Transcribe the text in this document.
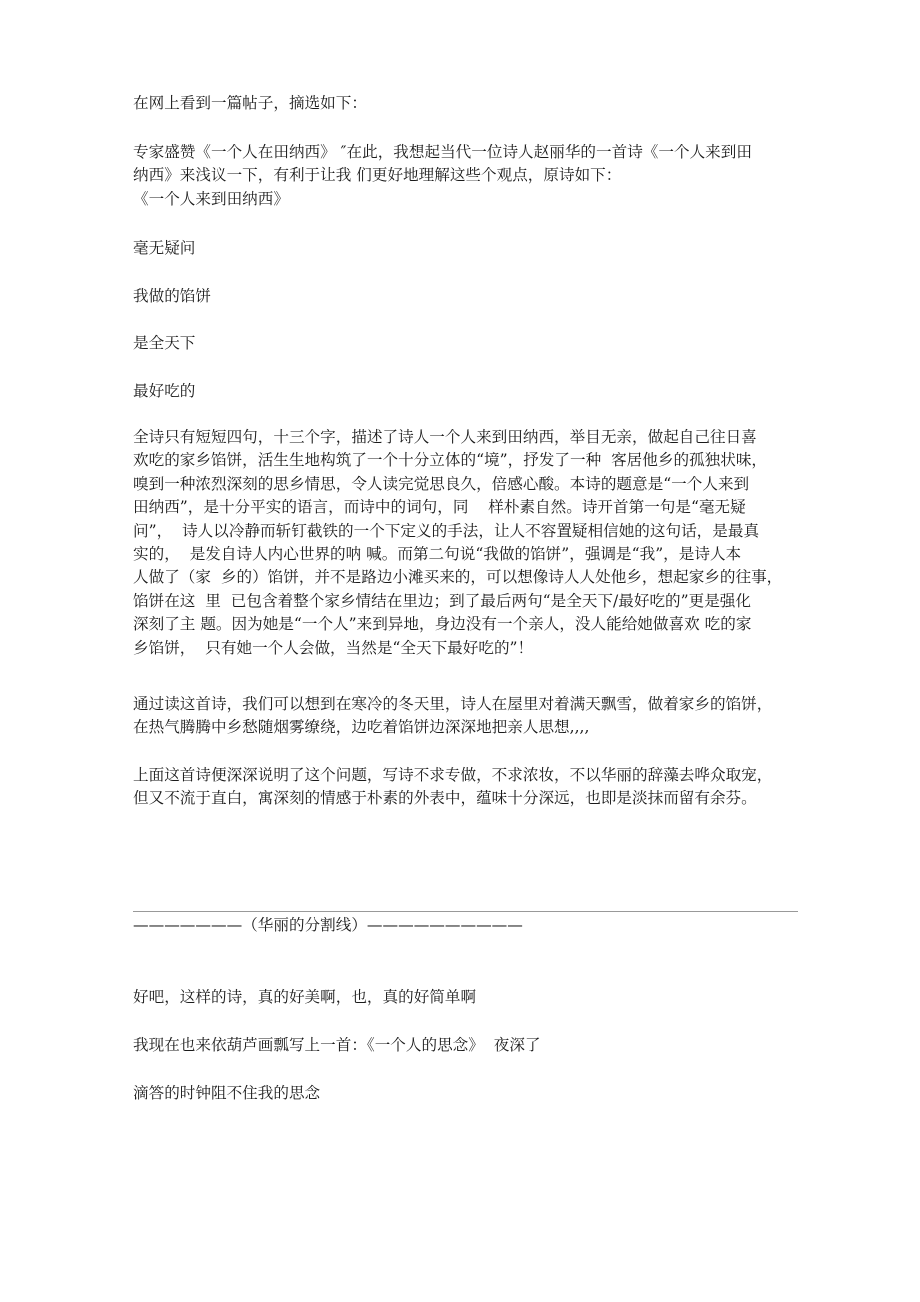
在网上看到一篇帖子，摘选如下：
专家盛赞《一个人在田纳西》 ″在此，我想起当代一位诗人赵丽华的一首诗《一个人来到田
纳西》来浅议一下，有利于让我 们更好地理解这些个观点，原诗如下：
《一个人来到田纳西》
毫无疑问
我做的馅饼
是全天下
最好吃的
全诗只有短短四句，十三个字，描述了诗人一个人来到田纳西，举目无亲，做起自己往日喜
欢吃的家乡馅饼，活生生地构筑了一个十分立体的“境”，抒发了一种  客居他乡的孤独状味，
嗅到一种浓烈深刻的思乡情思，令人读完觉思良久，倍感心酸。本诗的题意是“一个人来到
田纳西”，是十分平实的语言，而诗中的词句，同    样朴素自然。诗开首第一句是“毫无疑
问”，  诗人以冷静而斩钉截铁的一个下定义的手法，让人不容置疑相信她的这句话，是最真
实的，  是发自诗人内心世界的呐 喊。而第二句说“我做的馅饼”，强调是“我”，是诗人本
人做了（家  乡的）馅饼，并不是路边小滩买来的，可以想像诗人人处他乡，想起家乡的往事，
馅饼在这  里  已包含着整个家乡情结在里边；到了最后两句“是全天下/最好吃的”更是强化
深刻了主 题。因为她是“一个人”来到异地，身边没有一个亲人，没人能给她做喜欢 吃的家
乡馅饼，  只有她一个人会做，当然是“全天下最好吃的”！
通过读这首诗，我们可以想到在寒冷的冬天里，诗人在屋里对着满天飘雪，做着家乡的馅饼，
在热气腾腾中乡愁随烟雾缭绕，边吃着馅饼边深深地把亲人思想,,,,
上面这首诗便深深说明了这个问题，写诗不求专做，不求浓妆，不以华丽的辞藻去哗众取宠，
但又不流于直白，寓深刻的情感于朴素的外表中，蕴味十分深远，也即是淡抹而留有余芬。
———————（华丽的分割线）——————————
好吧，这样的诗，真的好美啊，也，真的好简单啊
我现在也来依葫芦画瓢写上一首：《一个人的思念》  夜深了
滴答的时钟阻不住我的思念
